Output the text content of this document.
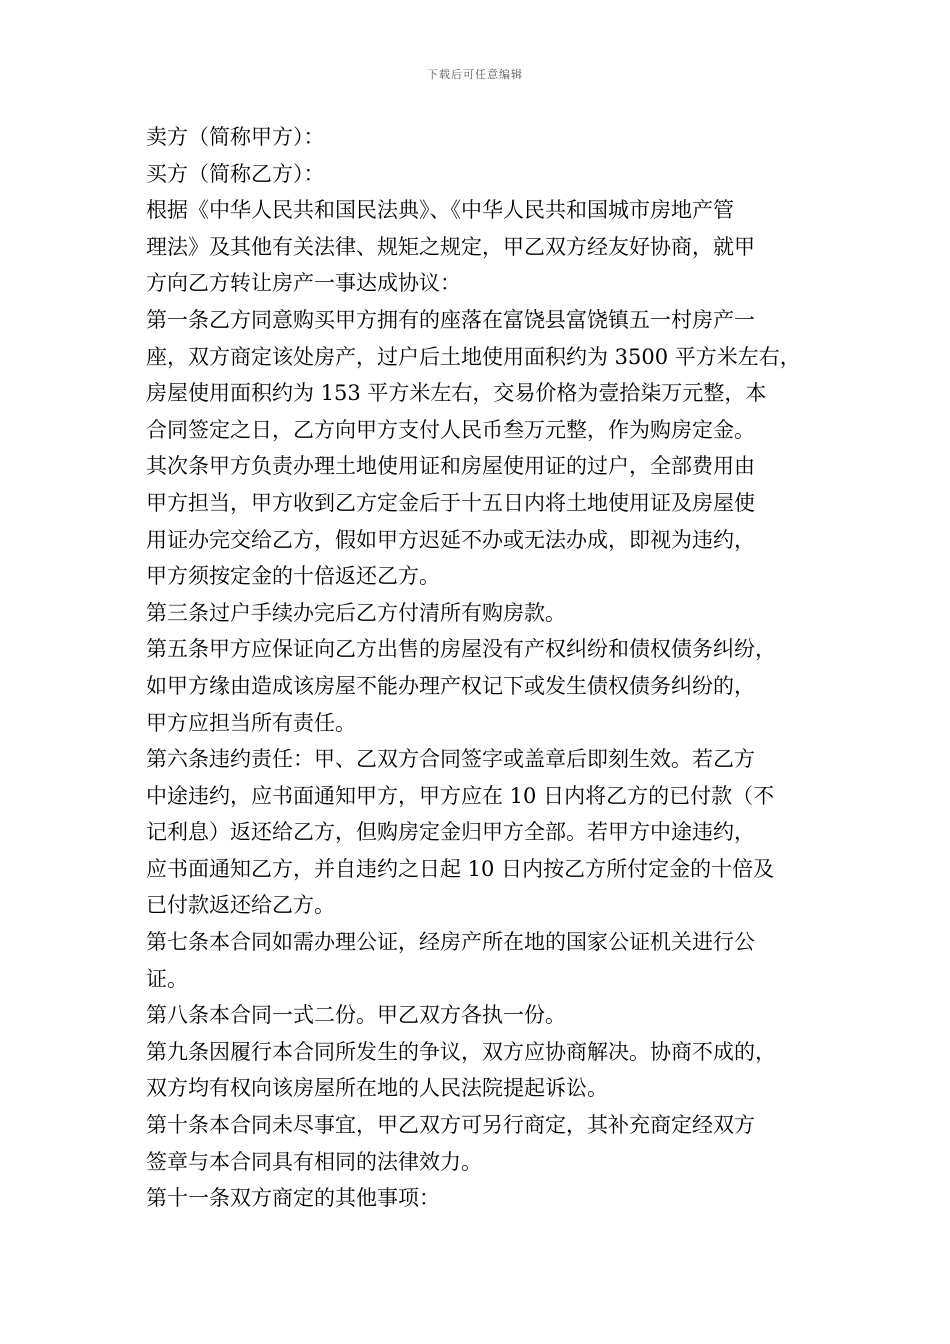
下载后可任意编辑
卖方（简称甲方）：
买方（简称乙方）：
根据《中华人民共和国民法典》、《中华人民共和国城市房地产管
理法》及其他有关法律、规矩之规定，甲乙双方经友好协商，就甲
方向乙方转让房产一事达成协议：
第一条乙方同意购买甲方拥有的座落在富饶县富饶镇五一村房产一
座，双方商定该处房产，过户后土地使用面积约为 3500 平方米左右，
房屋使用面积约为 153 平方米左右，交易价格为壹拾柒万元整，本
合同签定之日，乙方向甲方支付人民币叁万元整，作为购房定金。
其次条甲方负责办理土地使用证和房屋使用证的过户，全部费用由
甲方担当，甲方收到乙方定金后于十五日内将土地使用证及房屋使
用证办完交给乙方，假如甲方迟延不办或无法办成，即视为违约，
甲方须按定金的十倍返还乙方。
第三条过户手续办完后乙方付清所有购房款。
第五条甲方应保证向乙方出售的房屋没有产权纠纷和债权债务纠纷，
如甲方缘由造成该房屋不能办理产权记下或发生债权债务纠纷的，
甲方应担当所有责任。
第六条违约责任：甲、乙双方合同签字或盖章后即刻生效。若乙方
中途违约，应书面通知甲方，甲方应在 10 日内将乙方的已付款（不
记利息）返还给乙方，但购房定金归甲方全部。若甲方中途违约，
应书面通知乙方，并自违约之日起 10 日内按乙方所付定金的十倍及
已付款返还给乙方。
第七条本合同如需办理公证，经房产所在地的国家公证机关进行公
证。
第八条本合同一式二份。甲乙双方各执一份。
第九条因履行本合同所发生的争议，双方应协商解决。协商不成的，
双方均有权向该房屋所在地的人民法院提起诉讼。
第十条本合同未尽事宜，甲乙双方可另行商定，其补充商定经双方
签章与本合同具有相同的法律效力。
第十一条双方商定的其他事项：
